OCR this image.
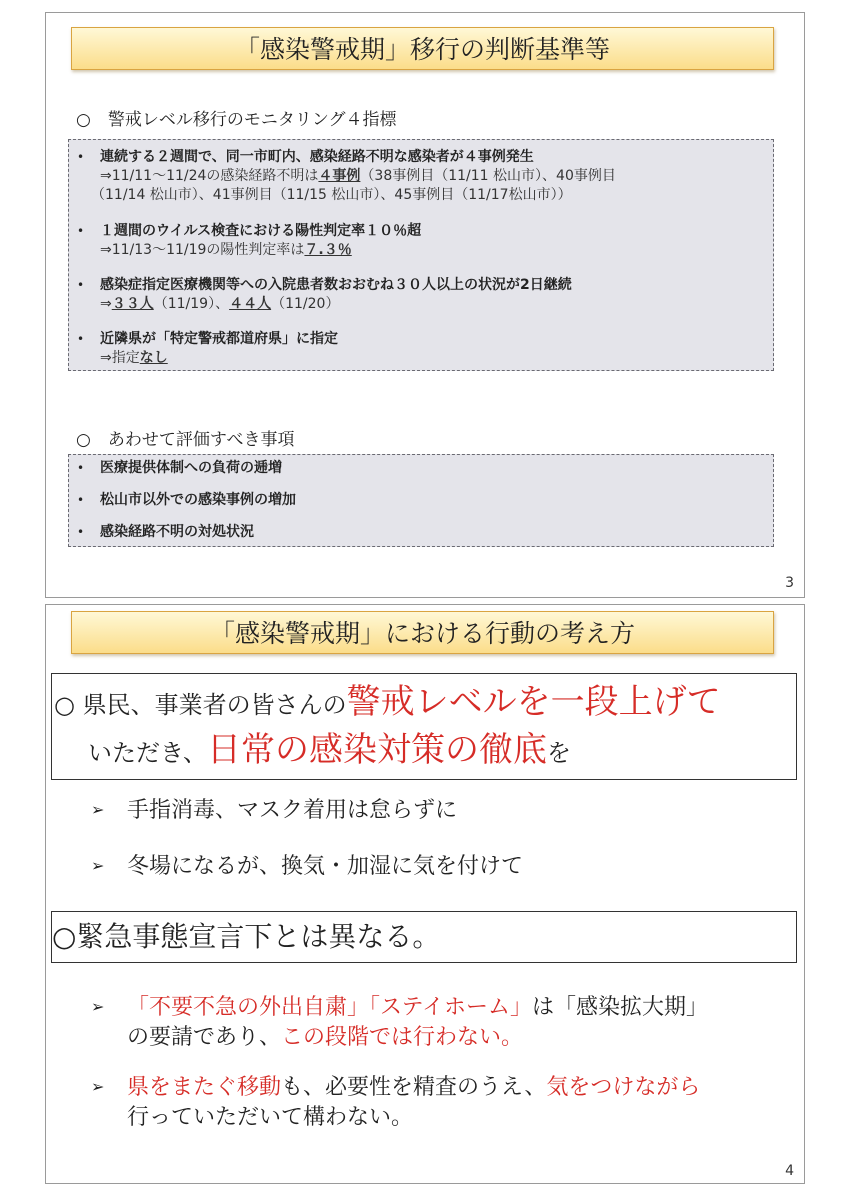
「感染警戒期」移行の判断基準等
○　警戒レベル移行のモニタリング４指標
•	連続する２週間で、同一市町内、感染経路不明な感染者が４事例発生
⇒11/11～11/24の感染経路不明は４事例（38事例目（11/11 松山市）、40事例目
（11/14 松山市）、41事例目（11/15 松山市）、45事例目（11/17松山市））
•	１週間のウイルス検査における陽性判定率１０％超
⇒11/13～11/19の陽性判定率は７.３％
•	感染症指定医療機関等への入院患者数おおむね３０人以上の状況が2日継続
⇒３３人（11/19）、４４人（11/20）
•	近隣県が「特定警戒都道府県」に指定
⇒指定なし
○　あわせて評価すべき事項
•	医療提供体制への負荷の逓増
•	松山市以外での感染事例の増加
•	感染経路不明の対処状況
3
「感染警戒期」における行動の考え方
○ 県民、事業者の皆さんの警戒レベルを一段上げて
いただき、日常の感染対策の徹底を
➢ 手指消毒、マスク着用は怠らずに
➢ 冬場になるが、換気・加湿に気を付けて
○緊急事態宣言下とは異なる。
➢ 「不要不急の外出自粛」「ステイホーム」は「感染拡大期」
の要請であり、この段階では行わない。
➢ 県をまたぐ移動も、必要性を精査のうえ、気をつけながら
行っていただいて構わない。
4
